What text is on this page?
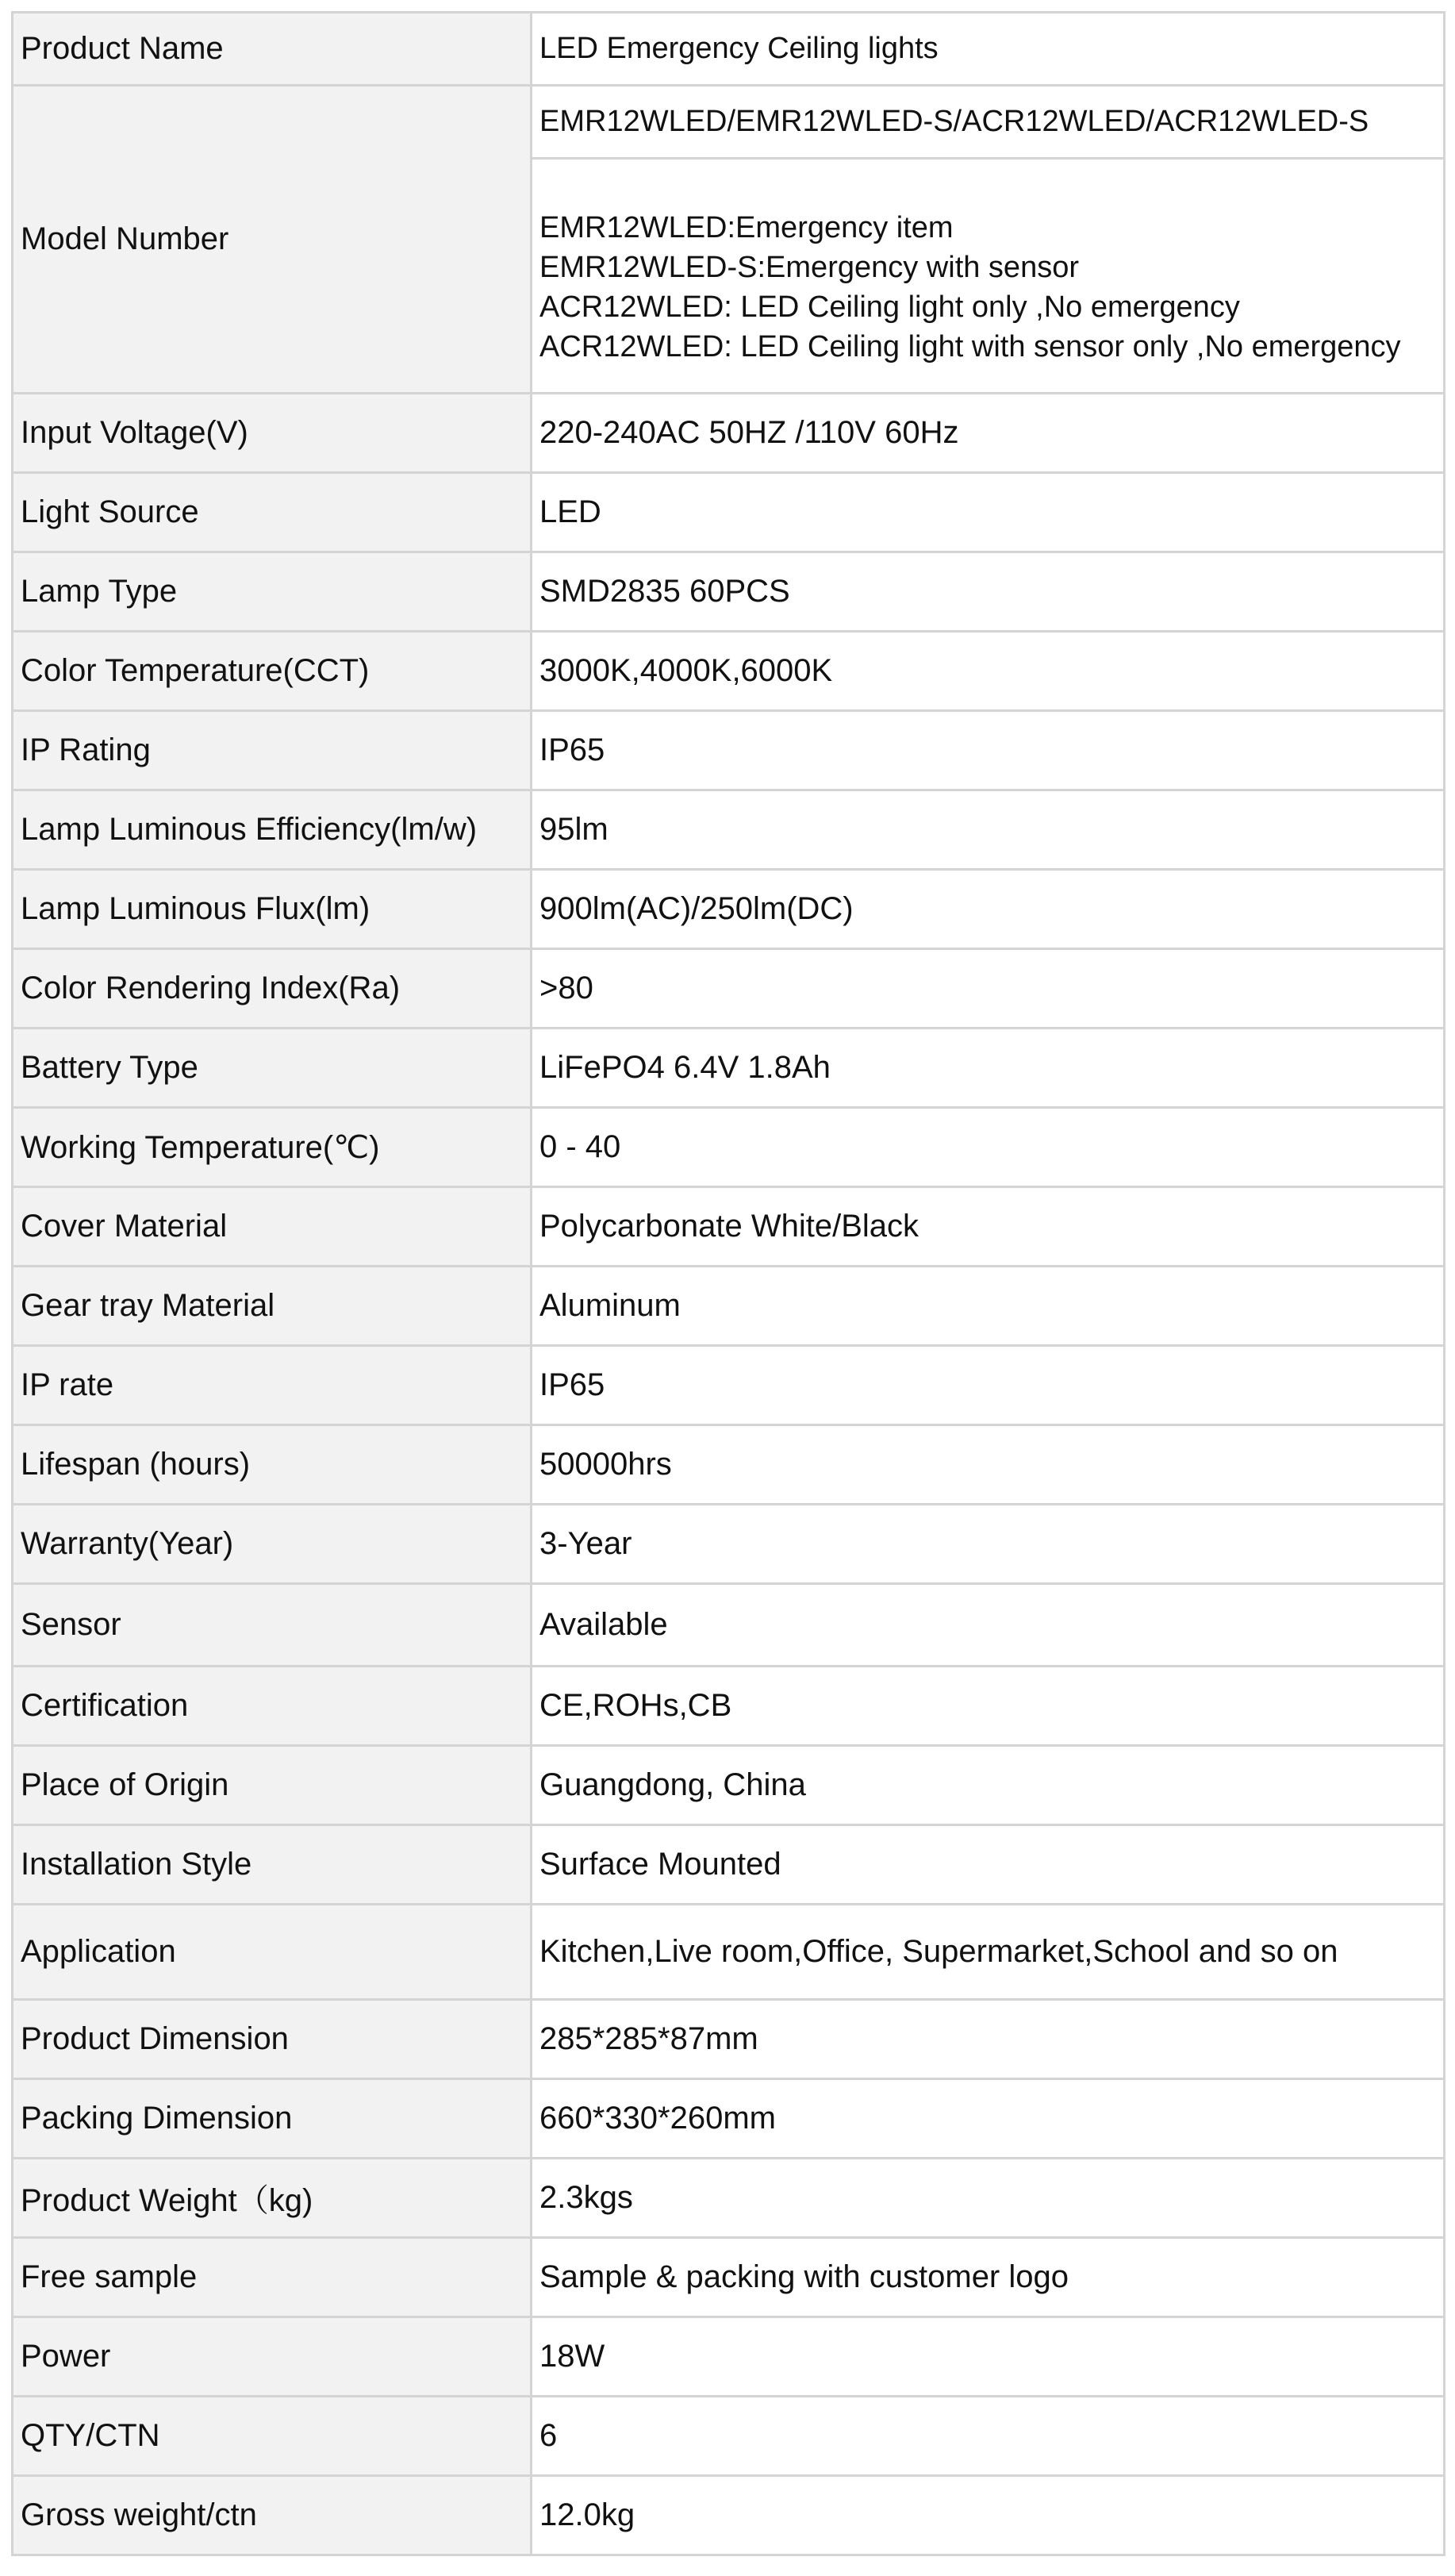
Product Name	LED Emergency Ceiling lights
Model Number	EMR12WLED/EMR12WLED-S/ACR12WLED/ACR12WLED-S

	EMR12WLED:Emergency item
EMR12WLED-S:Emergency with sensor
ACR12WLED: LED Ceiling light only ,No emergency
ACR12WLED: LED Ceiling light with sensor only ,No emergency

Input Voltage(V)	220-240AC 50HZ /110V 60Hz
Light Source	LED
Lamp Type	SMD2835 60PCS
Color Temperature(CCT)	3000K,4000K,6000K
IP Rating	IP65
Lamp Luminous Efficiency(lm/w)	95lm
Lamp Luminous Flux(lm)	900lm(AC)/250lm(DC)
Color Rendering Index(Ra)	>80
Battery Type	LiFePO4 6.4V 1.8Ah
Working Temperature(℃)	0 - 40
Cover Material	Polycarbonate White/Black
Gear tray Material	Aluminum
IP rate	IP65
Lifespan (hours)	50000hrs
Warranty(Year)	3-Year
Sensor	Available
Certification	CE,ROHs,CB
Place of Origin	Guangdong, China
Installation Style	Surface Mounted
Application	Kitchen,Live room,Office, Supermarket,School and so on
Product Dimension	285*285*87mm
Packing Dimension	660*330*260mm
Product Weight（kg)	2.3kgs
Free sample	Sample & packing with customer logo
Power	18W
QTY/CTN	6
Gross weight/ctn	12.0kg
